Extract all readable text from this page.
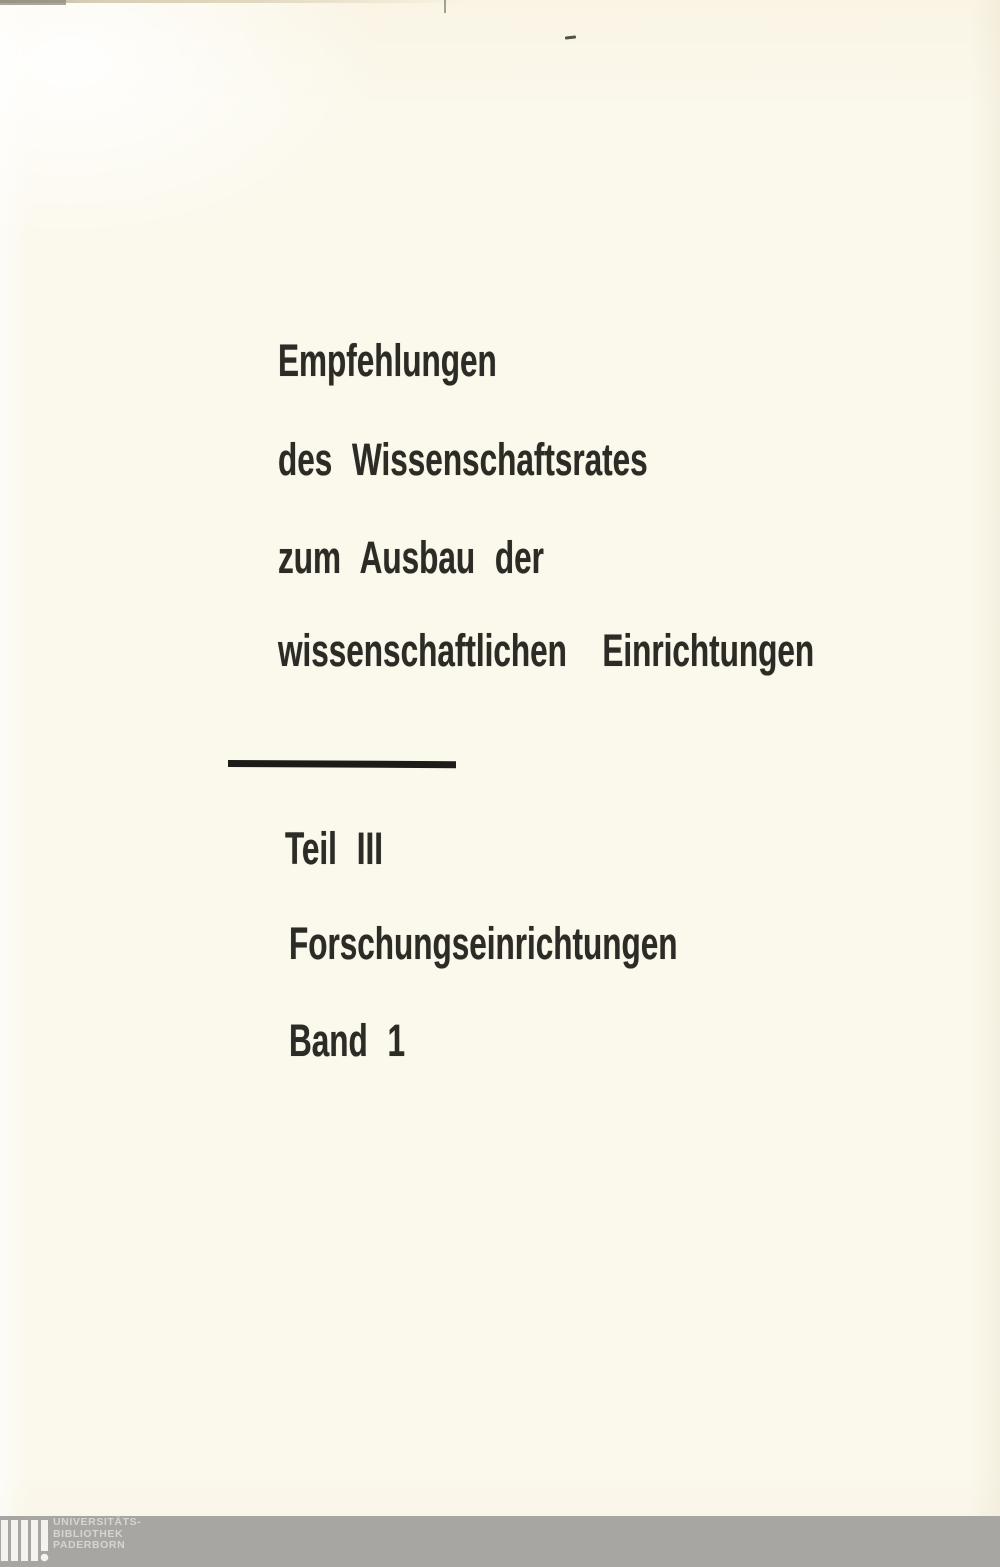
Empfehlungen
des Wissenschaftsrates
zum Ausbau der
wissenschaftlichen Einrichtungen
Teil III
Forschungseinrichtungen
Band 1
UNIVERSITÄTS-
BIBLIOTHEK
PADERBORN
